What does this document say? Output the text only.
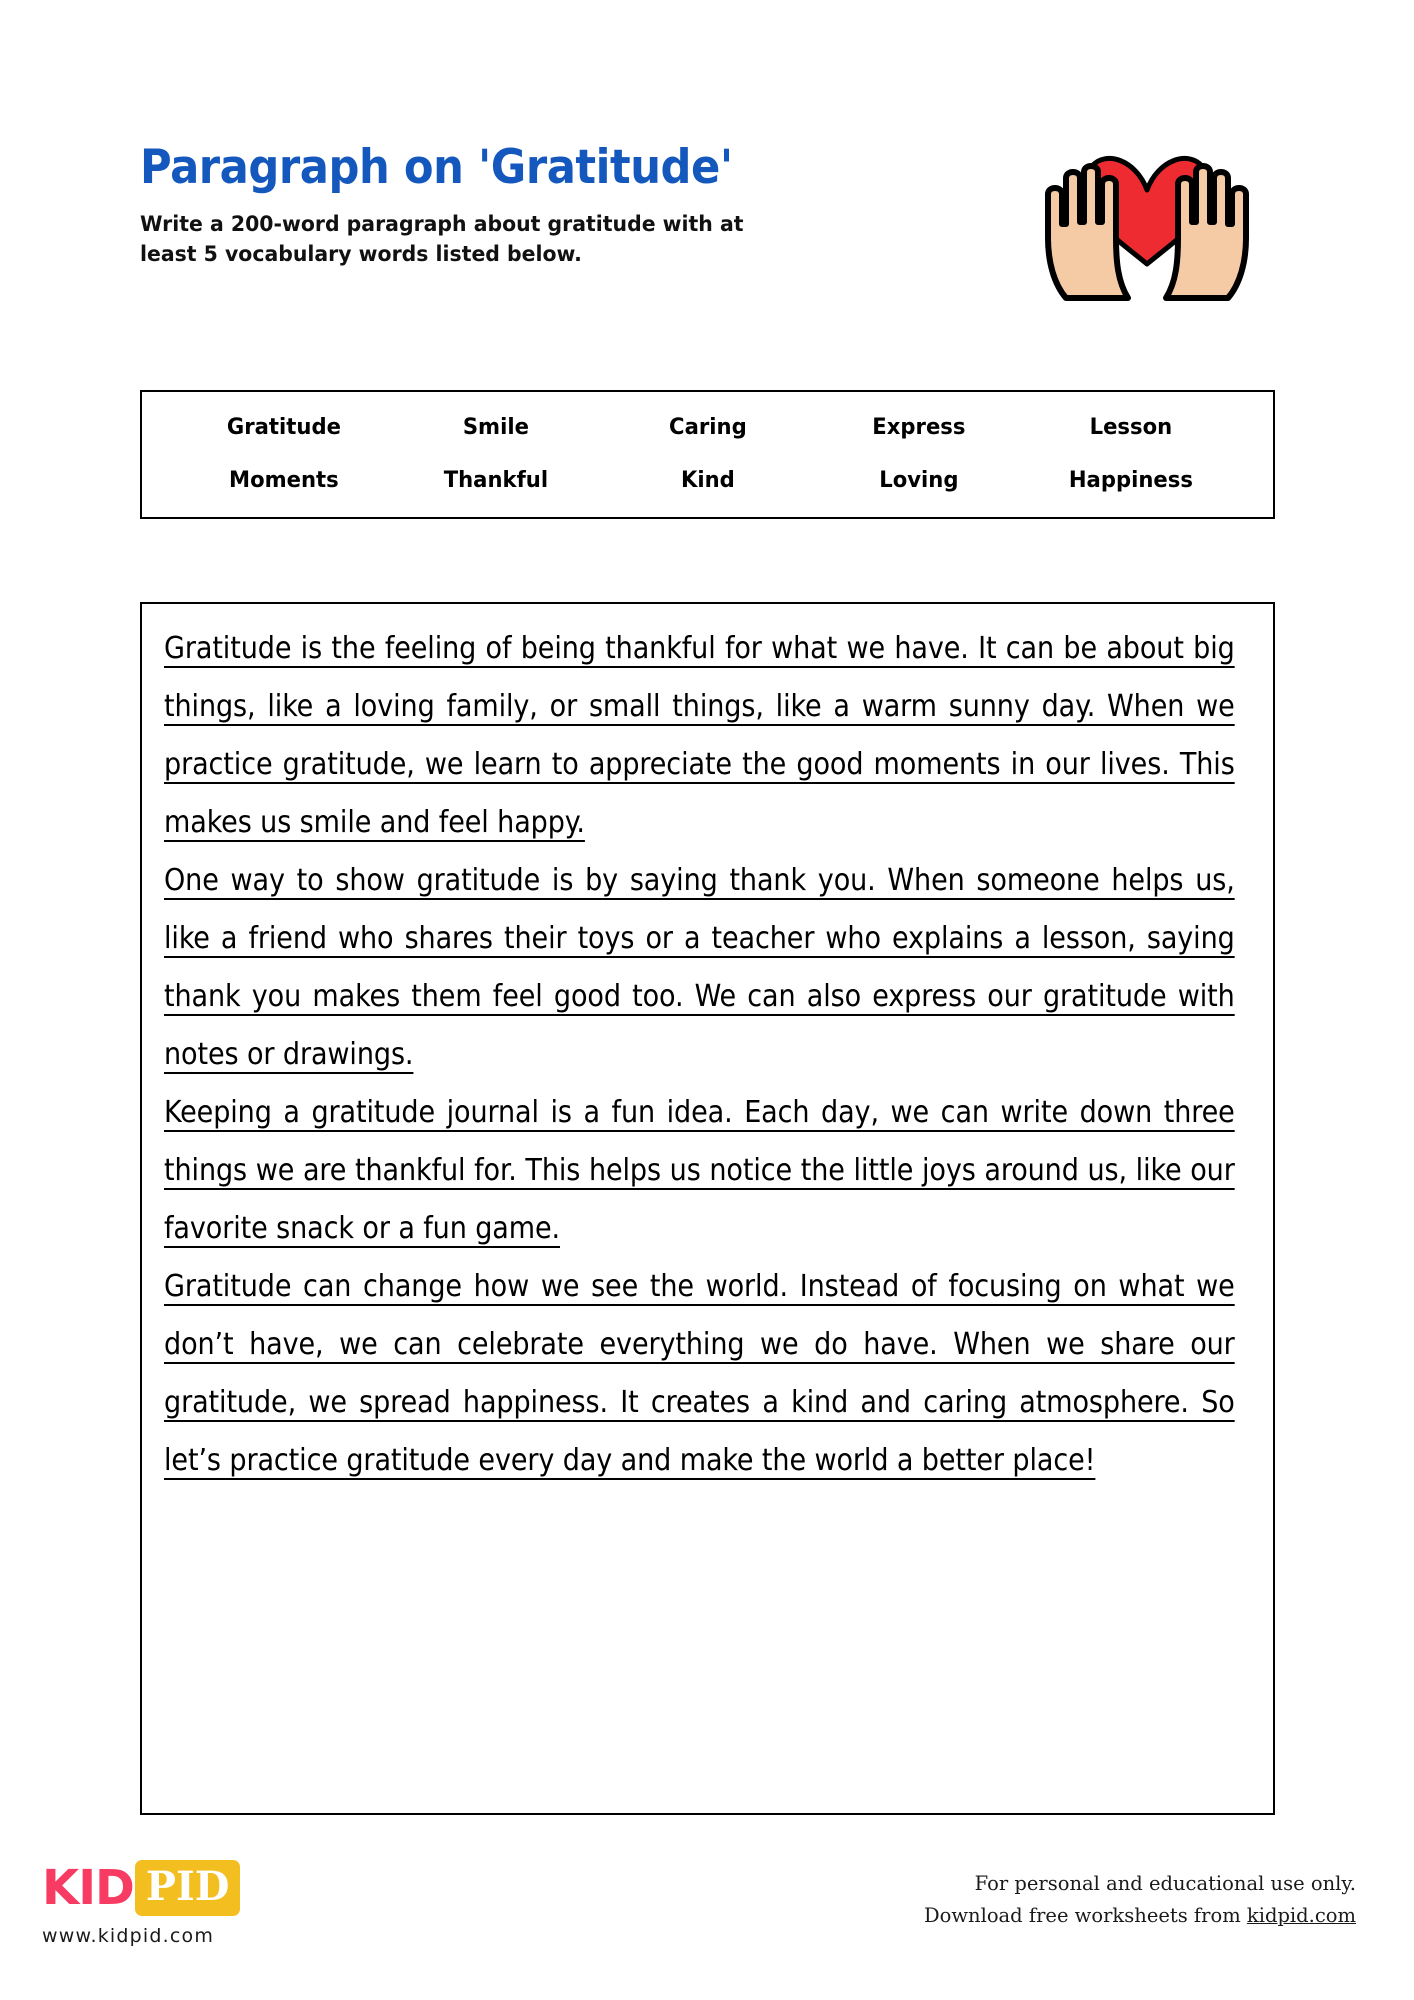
Paragraph on 'Gratitude'

Write a 200-word paragraph about gratitude with at least 5 vocabulary words listed below.

Gratitude	Smile	Caring	Express	Lesson
Moments	Thankful	Kind	Loving	Happiness

Gratitude is the feeling of being thankful for what we have. It can be about big things, like a loving family, or small things, like a warm sunny day. When we practice gratitude, we learn to appreciate the good moments in our lives. This makes us smile and feel happy.

One way to show gratitude is by saying thank you. When someone helps us, like a friend who shares their toys or a teacher who explains a lesson, saying thank you makes them feel good too. We can also express our gratitude with notes or drawings.

Keeping a gratitude journal is a fun idea. Each day, we can write down three things we are thankful for. This helps us notice the little joys around us, like our favorite snack or a fun game.

Gratitude can change how we see the world. Instead of focusing on what we don’t have, we can celebrate everything we do have. When we share our gratitude, we spread happiness. It creates a kind and caring atmosphere. So let’s practice gratitude every day and make the world a better place!

KID PID
www.kidpid.com
For personal and educational use only.
Download free worksheets from kidpid.com
